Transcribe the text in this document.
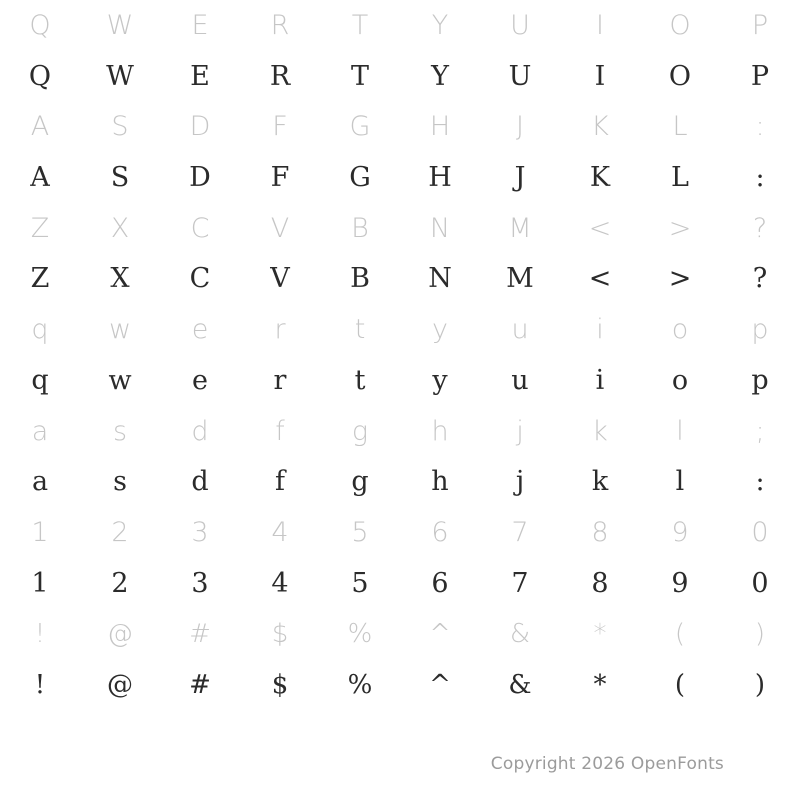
Q W E R T Y U I O P
Q W E R T Y U I O P
A S D F G H J K L	:
A S D F G H J K L :
Z X C V B N M < > ?
Z X C V B N M < > ?
q w e r	t y u	i	o p
q w e r	t y u i	o p
a s d f g h	j	k	l	;
a s d f g h j	k l	:
1 2 3 4 5 6 7 8 9 0
1 2 3 4 5 6 7 8 9 0
! @ # $ % ^ & *	(	)
! @ # $ % ^ & *	(	)
Copyright 2026 OpenFonts
